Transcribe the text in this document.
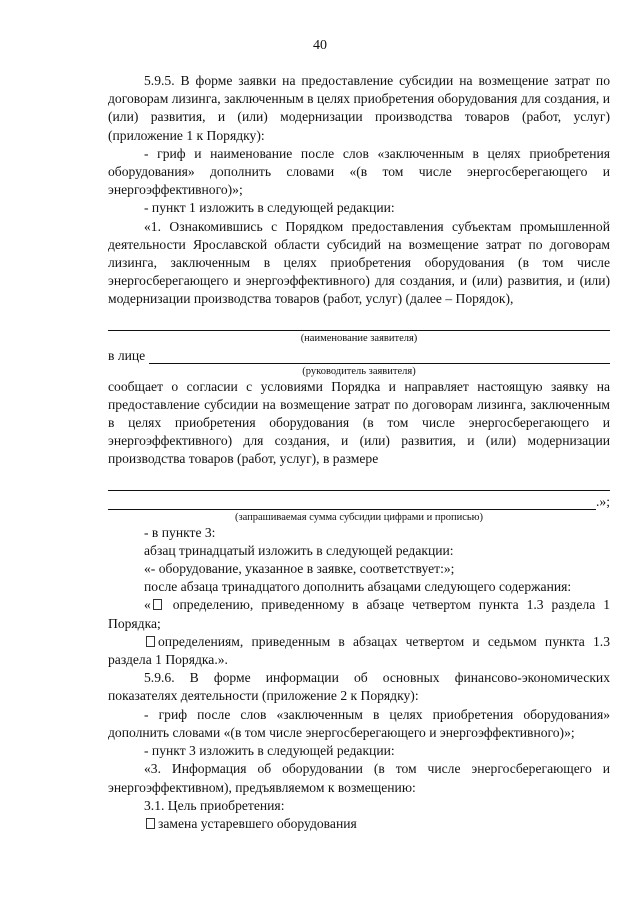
40

5.9.5. В форме заявки на предоставление субсидии на возмещение затрат по договорам лизинга, заключенным в целях приобретения оборудования для создания, и (или) развития, и (или) модернизации производства товаров (работ, услуг) (приложение 1 к Порядку):

- гриф и наименование после слов «заключенным в целях приобретения оборудования» дополнить словами «(в том числе энергосберегающего и энергоэффективного)»;

- пункт 1 изложить в следующей редакции:

«1. Ознакомившись с Порядком предоставления субъектам промышленной деятельности Ярославской области субсидий на возмещение затрат по договорам лизинга, заключенным в целях приобретения оборудования (в том числе энергосберегающего и энергоэффективного) для создания, и (или) развития, и (или) модернизации производства товаров (работ, услуг) (далее – Порядок),

(наименование заявителя)
в лице
(руководитель заявителя)

сообщает о согласии с условиями Порядка и направляет настоящую заявку на предоставление субсидии на возмещение затрат по договорам лизинга, заключенным в целях приобретения оборудования (в том числе энергосберегающего и энергоэффективного) для создания, и (или) развития, и (или) модернизации производства товаров (работ, услуг), в размере

.»;
(запрашиваемая сумма субсидии цифрами и прописью)

- в пункте 3:

абзац тринадцатый изложить в следующей редакции:

«- оборудование, указанное в заявке, соответствует:»;

после абзаца тринадцатого дополнить абзацами следующего содержания:

« определению, приведенному в абзаце четвертом пункта 1.3 раздела 1 Порядка;

определениям, приведенным в абзацах четвертом и седьмом пункта 1.3 раздела 1 Порядка.».

5.9.6. В форме информации об основных финансово-экономических показателях деятельности (приложение 2 к Порядку):

- гриф после слов «заключенным в целях приобретения оборудования» дополнить словами «(в том числе энергосберегающего и энергоэффективного)»;

- пункт 3 изложить в следующей редакции:

«3. Информация об оборудовании (в том числе энергосберегающего и энергоэффективном), предъявляемом к возмещению:

3.1. Цель приобретения:

замена устаревшего оборудования
